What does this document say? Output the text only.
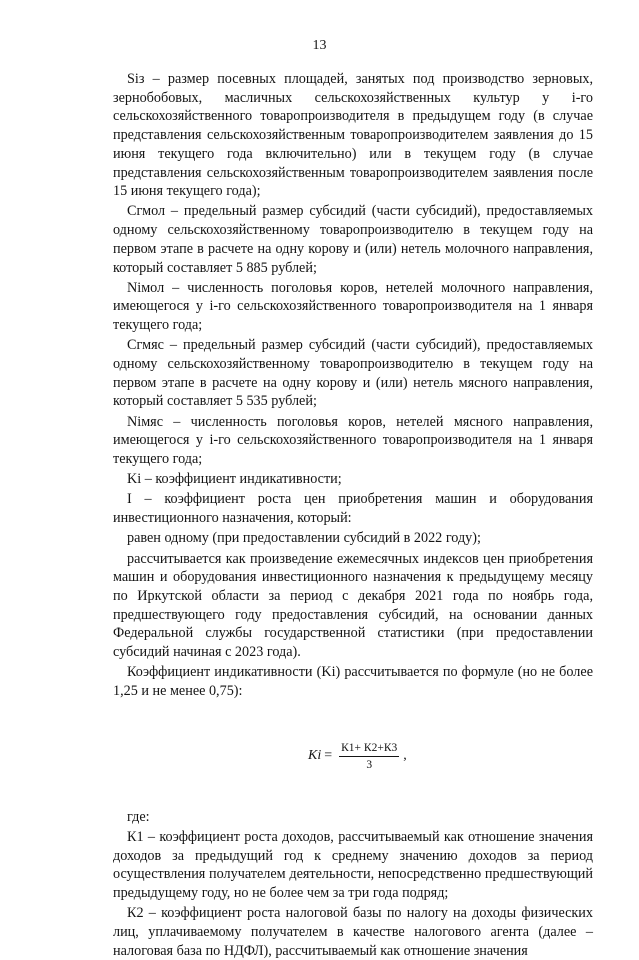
13

Siз – размер посевных площадей, занятых под производство зерновых, зернобобовых, масличных сельскохозяйственных культур у i-го сельскохозяйственного товаропроизводителя в предыдущем году (в случае представления сельскохозяйственным товаропроизводителем заявления до 15 июня текущего года включительно) или в текущем году (в случае представления сельскохозяйственным товаропроизводителем заявления после 15 июня текущего года);

Cгмол – предельный размер субсидий (части субсидий), предоставляемых одному сельскохозяйственному товаропроизводителю в текущем году на первом этапе в расчете на одну корову и (или) нетель молочного направления, который составляет 5 885 рублей;

Niмол – численность поголовья коров, нетелей молочного направления, имеющегося у i-го сельскохозяйственного товаропроизводителя на 1 января текущего года;

Cгмяс – предельный размер субсидий (части субсидий), предоставляемых одному сельскохозяйственному товаропроизводителю в текущем году на первом этапе в расчете на одну корову и (или) нетель мясного направления, который составляет 5 535 рублей;

Niмяс – численность поголовья коров, нетелей мясного направления, имеющегося у i-го сельскохозяйственного товаропроизводителя на 1 января текущего года;

Ki – коэффициент индикативности;

I – коэффициент роста цен приобретения машин и оборудования инвестиционного назначения, который:

равен одному (при предоставлении субсидий в 2022 году);

рассчитывается как произведение ежемесячных индексов цен приобретения машин и оборудования инвестиционного назначения к предыдущему месяцу по Иркутской области за период с декабря 2021 года по ноябрь года, предшествующего году предоставления субсидий, на основании данных Федеральной службы государственной статистики (при предоставлении субсидий начиная с 2023 года).

Коэффициент индикативности (Ki) рассчитывается по формуле (но не более 1,25 и не менее 0,75):

$Ki = \frac{К1+ К2+К3}{3}$ ,

где:

К1 – коэффициент роста доходов, рассчитываемый как отношение значения доходов за предыдущий год к среднему значению доходов за период осуществления получателем деятельности, непосредственно предшествующий предыдущему году, но не более чем за три года подряд;

К2 – коэффициент роста налоговой базы по налогу на доходы физических лиц, уплачиваемому получателем в качестве налогового агента (далее – налоговая база по НДФЛ), рассчитываемый как отношение значения
